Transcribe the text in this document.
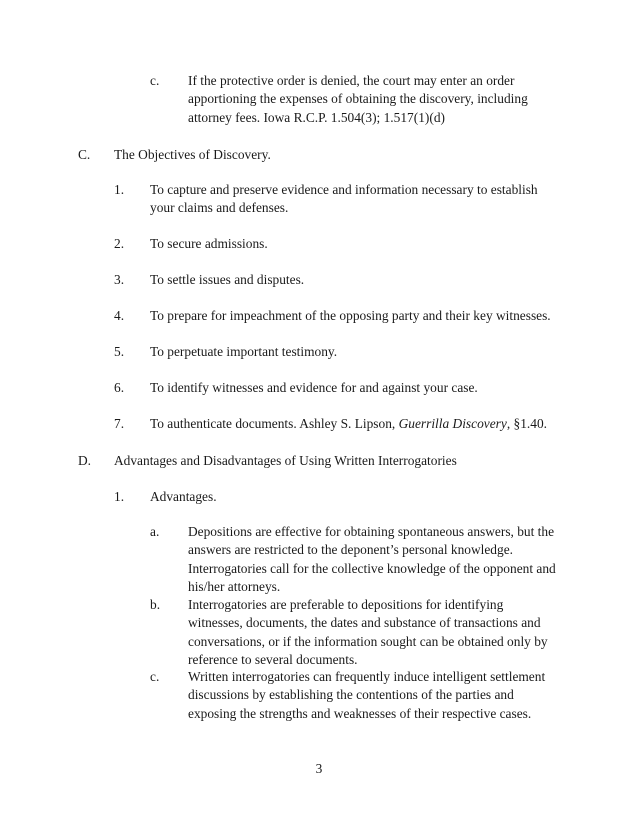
c. If the protective order is denied, the court may enter an order
apportioning the expenses of obtaining the discovery, including
attorney fees. Iowa R.C.P. 1.504(3); 1.517(1)(d)
C. The Objectives of Discovery.
1. To capture and preserve evidence and information necessary to establish
your claims and defenses.
2. To secure admissions.
3. To settle issues and disputes.
4. To prepare for impeachment of the opposing party and their key witnesses.
5. To perpetuate important testimony.
6. To identify witnesses and evidence for and against your case.
7. To authenticate documents. Ashley S. Lipson, Guerrilla Discovery, §1.40.
D. Advantages and Disadvantages of Using Written Interrogatories
1. Advantages.
a. Depositions are effective for obtaining spontaneous answers, but the
answers are restricted to the deponent’s personal knowledge.
Interrogatories call for the collective knowledge of the opponent and
his/her attorneys.
b. Interrogatories are preferable to depositions for identifying
witnesses, documents, the dates and substance of transactions and
conversations, or if the information sought can be obtained only by
reference to several documents.
c. Written interrogatories can frequently induce intelligent settlement
discussions by establishing the contentions of the parties and
exposing the strengths and weaknesses of their respective cases.
3
